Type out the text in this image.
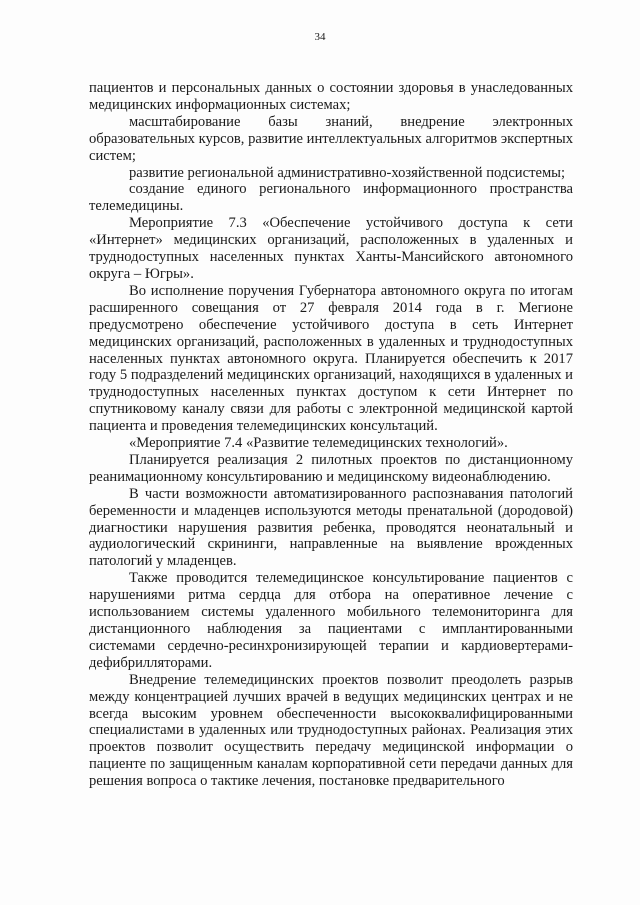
34

пациентов и персональных данных о состоянии здоровья в унаследованных медицинских информационных системах;

масштабирование базы знаний, внедрение электронных образовательных курсов, развитие интеллектуальных алгоритмов экспертных систем;

развитие региональной административно-хозяйственной подсистемы;

создание единого регионального информационного пространства телемедицины.

Мероприятие 7.3 «Обеспечение устойчивого доступа к сети «Интернет» медицинских организаций, расположенных в удаленных и труднодоступных населенных пунктах Ханты-Мансийского автономного округа – Югры».

Во исполнение поручения Губернатора автономного округа по итогам расширенного совещания от 27 февраля 2014 года в г. Мегионе предусмотрено обеспечение устойчивого доступа в сеть Интернет медицинских организаций, расположенных в удаленных и труднодоступных населенных пунктах автономного округа. Планируется обеспечить к 2017 году 5 подразделений медицинских организаций, находящихся в удаленных и труднодоступных населенных пунктах доступом к сети Интернет по спутниковому каналу связи для работы с электронной медицинской картой пациента и проведения телемедицинских консультаций.

«Мероприятие 7.4 «Развитие телемедицинских технологий».

Планируется реализация 2 пилотных проектов по дистанционному реанимационному консультированию и медицинскому видеонаблюдению.

В части возможности автоматизированного распознавания патологий беременности и младенцев используются методы пренатальной (дородовой) диагностики нарушения развития ребенка, проводятся неонатальный и аудиологический скрининги, направленные на выявление врожденных патологий у младенцев.

Также проводится телемедицинское консультирование пациентов с нарушениями ритма сердца для отбора на оперативное лечение с использованием системы удаленного мобильного телемониторинга для дистанционного наблюдения за пациентами с имплантированными системами сердечно-ресинхронизирующей терапии и кардиовертерами-дефибрилляторами.

Внедрение телемедицинских проектов позволит преодолеть разрыв между концентрацией лучших врачей в ведущих медицинских центрах и не всегда высоким уровнем обеспеченности высококвалифицированными специалистами в удаленных или труднодоступных районах. Реализация этих проектов позволит осуществить передачу медицинской информации о пациенте по защищенным каналам корпоративной сети передачи данных для решения вопроса о тактике лечения, постановке предварительного
